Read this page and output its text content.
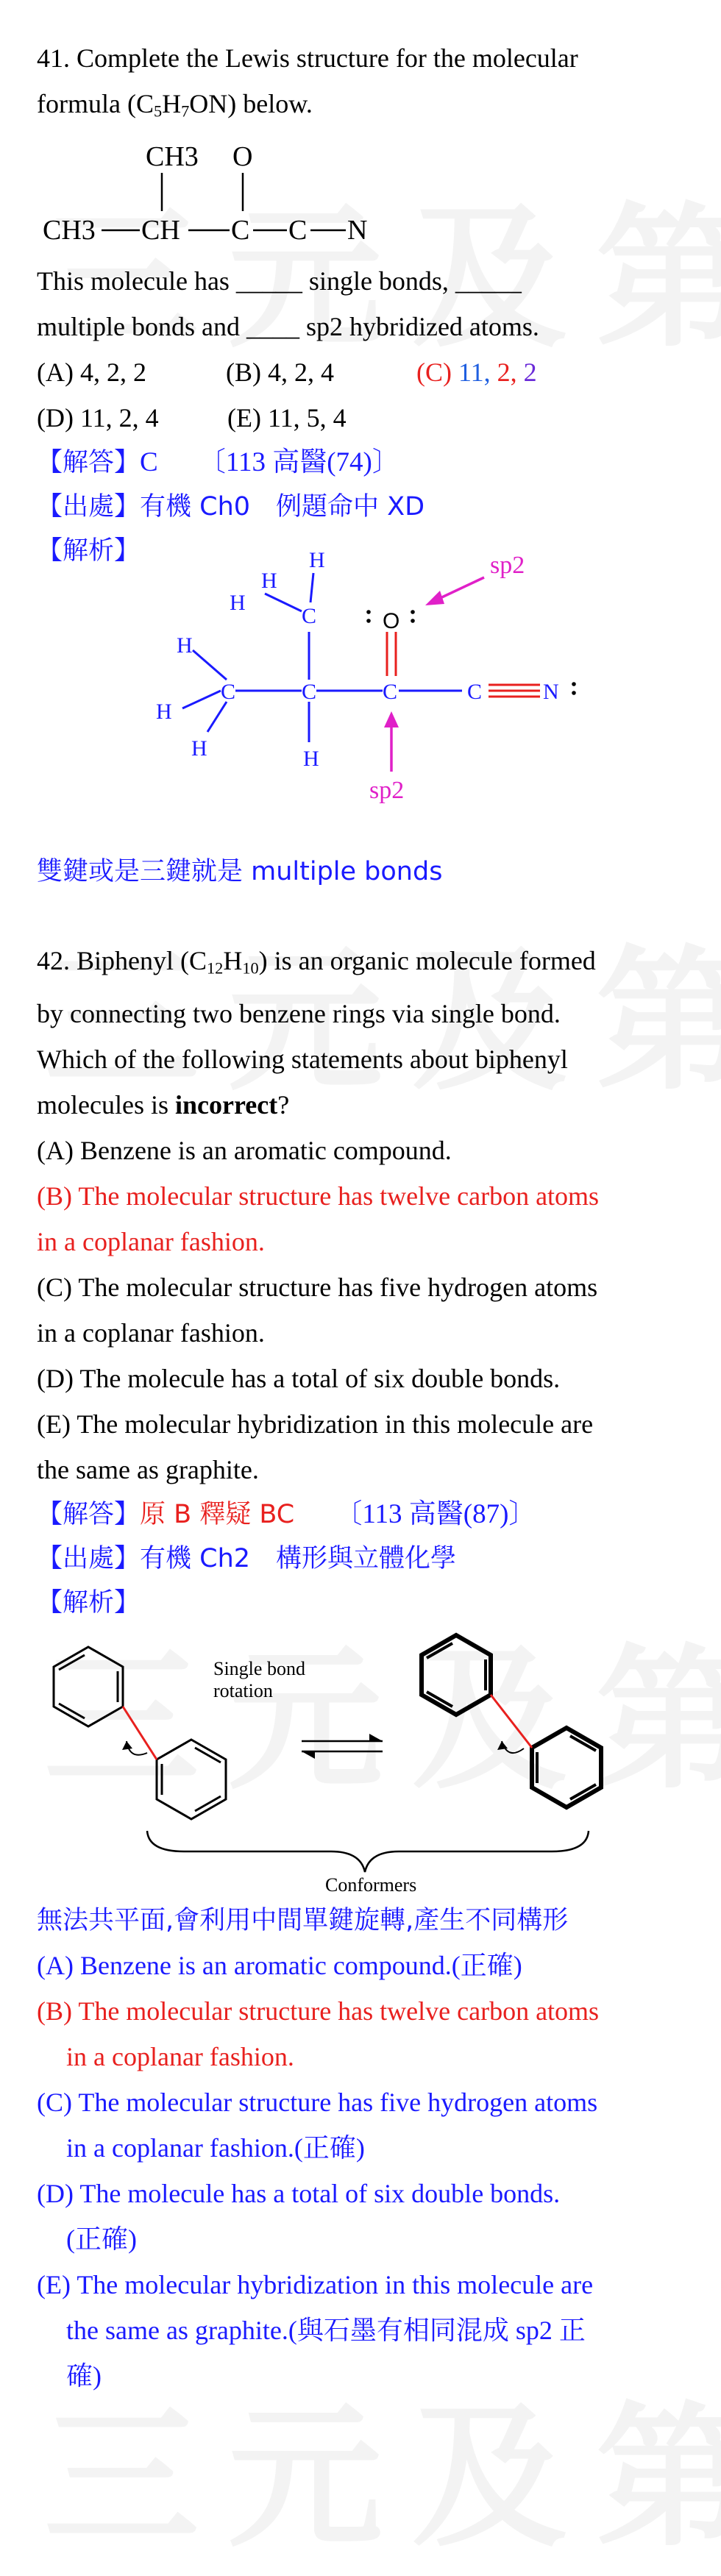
41. Complete the Lewis structure for the molecular
formula $(C_5H_7ON)$ below.
CH3 O
CH3 CH C C N
This molecule has _____ single bonds, _____
multiple bonds and ____ sp2 hybridized atoms.
(A) 4, 2, 2	(B) 4, 2, 4	(C) 11, 2, 2
(D) 11, 2, 4	(E) 11, 5, 4
【解答】C 〔113 高醫(74)〕
【出處】有機 Ch0　例題命中 XD
【解析】
C	C	C	C	N
C
H
H
H
H
H
H	H
O
sp2
sp2
雙鍵或是三鍵就是 multiple bonds
42. Biphenyl $(C_{12}H_{10})$ is an organic molecule formed
by connecting two benzene rings via single bond.
Which of the following statements about biphenyl
molecules is incorrect?
(A) Benzene is an aromatic compound.
(B) The molecular structure has twelve carbon atoms
in a coplanar fashion.
(C) The molecular structure has five hydrogen atoms
in a coplanar fashion.
(D) The molecule has a total of six double bonds.
(E) The molecular hybridization in this molecule are
the same as graphite.
【解答】原 B 釋疑 BC 〔113 高醫(87)〕
【出處】有機 Ch2　構形與立體化學
【解析】
Single bond
rotation
Conformers
無法共平面,會利用中間單鍵旋轉,產生不同構形
(A) Benzene is an aromatic compound.(正確)
(B) The molecular structure has twelve carbon atoms
in a coplanar fashion.
(C) The molecular structure has five hydrogen atoms
in a coplanar fashion.(正確)
(D) The molecule has a total of six double bonds.
(正確)
(E) The molecular hybridization in this molecule are
the same as graphite.(與石墨有相同混成 sp2 正
確)
